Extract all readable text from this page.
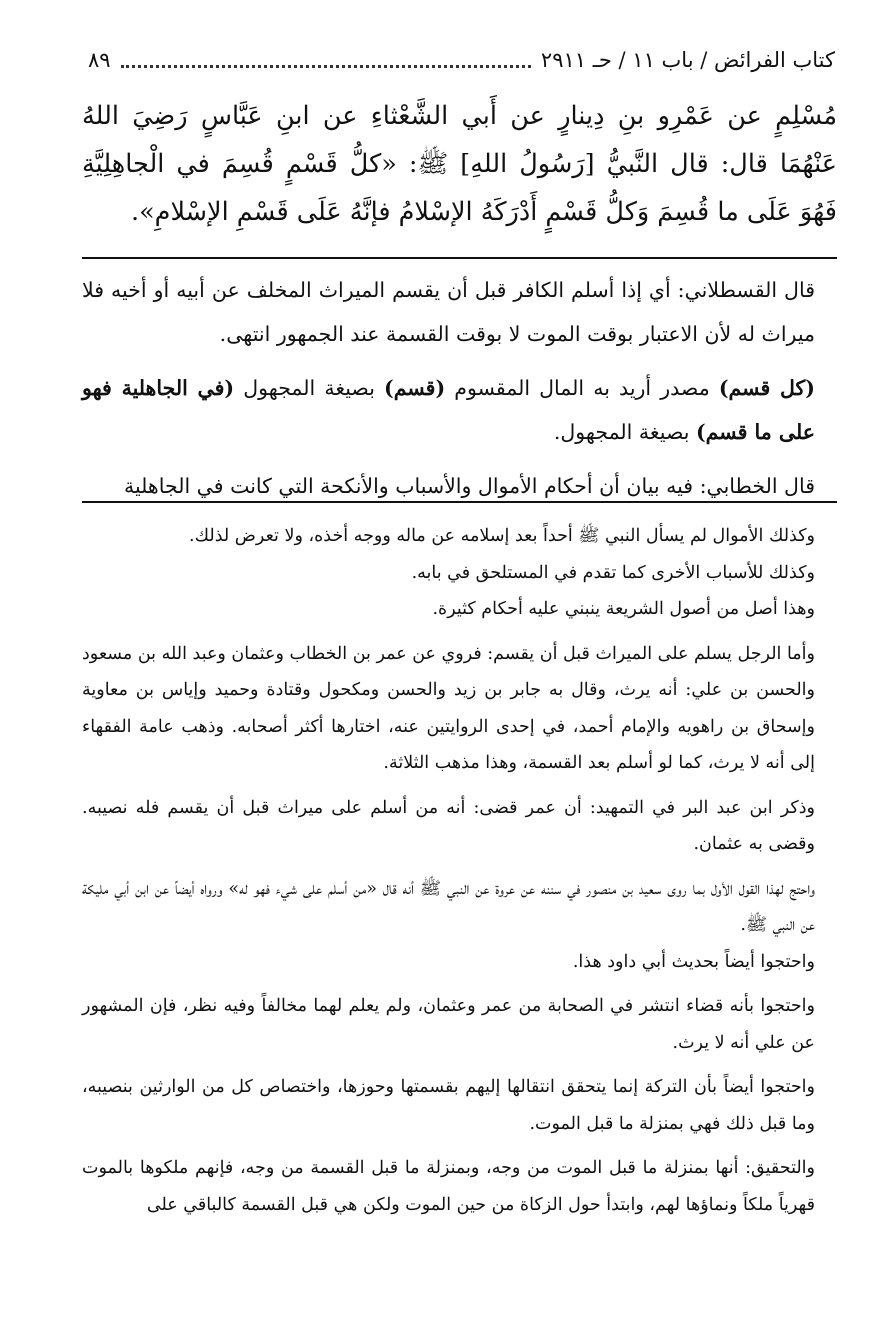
كتاب الفرائض / باب ١١ / حـ ٢٩١١
٨٩

مُسْلِمٍ عن عَمْرِو بنِ دِينارٍ عن أَبي الشَّعْثاءِ عن ابنِ عَبَّاسٍ رَضِيَ اللهُ عَنْهُمَا قال: قال النَّبيُّ [رَسُولُ اللهِ] ﷺ: «كلُّ قَسْمٍ قُسِمَ في الْجاهِلِيَّةِ فَهُوَ عَلَى ما قُسِمَ وَكلُّ قَسْمٍ أَدْرَكَهُ الإسْلامُ فإنَّهُ عَلَى قَسْمِ الإسْلامِ».

قال القسطلاني: أي إذا أسلم الكافر قبل أن يقسم الميراث المخلف عن أبيه أو أخيه فلا ميراث له لأن الاعتبار بوقت الموت لا بوقت القسمة عند الجمهور انتهى.

(كل قسم) مصدر أريد به المال المقسوم (قسم) بصيغة المجهول (في الجاهلية فهو على ما قسم) بصيغة المجهول.

قال الخطابي: فيه بيان أن أحكام الأموال والأسباب والأنكحة التي كانت في الجاهلية

وكذلك الأموال لم يسأل النبي ﷺ أحداً بعد إسلامه عن ماله ووجه أخذه، ولا تعرض لذلك.

وكذلك للأسباب الأخرى كما تقدم في المستلحق في بابه.

وهذا أصل من أصول الشريعة ينبني عليه أحكام كثيرة.

وأما الرجل يسلم على الميراث قبل أن يقسم: فروي عن عمر بن الخطاب وعثمان وعبد الله بن مسعود والحسن بن علي: أنه يرث، وقال به جابر بن زيد والحسن ومكحول وقتادة وحميد وإياس بن معاوية وإسحاق بن راهويه والإمام أحمد، في إحدى الروايتين عنه، اختارها أكثر أصحابه. وذهب عامة الفقهاء إلى أنه لا يرث، كما لو أسلم بعد القسمة، وهذا مذهب الثلاثة.

وذكر ابن عبد البر في التمهيد: أن عمر قضى: أنه من أسلم على ميراث قبل أن يقسم فله نصيبه. وقضى به عثمان.

واحتج لهذا القول الأول بما روى سعيد بن منصور في سننه عن عروة عن النبي ﷺ أنه قال «من أسلم على شيء فهو له» ورواه أيضاً عن ابن أبي مليكة عن النبي ﷺ.

واحتجوا أيضاً بحديث أبي داود هذا.

واحتجوا بأنه قضاء انتشر في الصحابة من عمر وعثمان، ولم يعلم لهما مخالفاً وفيه نظر، فإن المشهور عن علي أنه لا يرث.

واحتجوا أيضاً بأن التركة إنما يتحقق انتقالها إليهم بقسمتها وحوزها، واختصاص كل من الوارثين بنصيبه، وما قبل ذلك فهي بمنزلة ما قبل الموت.

والتحقيق: أنها بمنزلة ما قبل الموت من وجه، وبمنزلة ما قبل القسمة من وجه، فإنهم ملكوها بالموت قهرياً ملكاً ونماؤها لهم، وابتدأ حول الزكاة من حين الموت ولكن هي قبل القسمة كالباقي على
